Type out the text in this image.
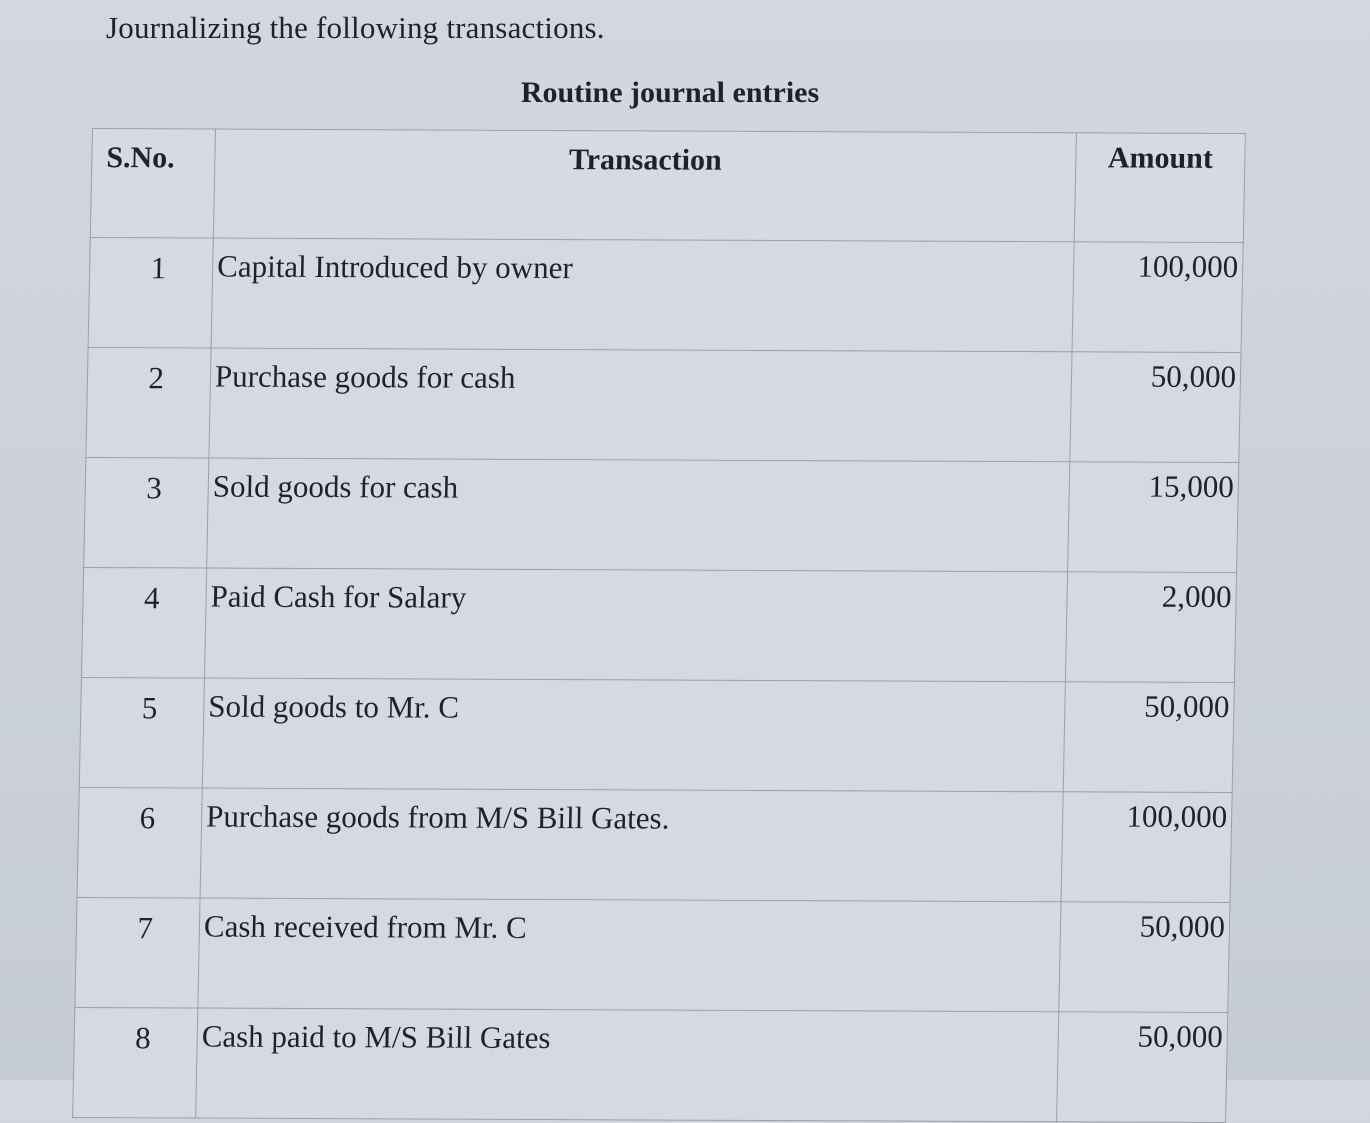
Journalizing the following transactions.
Routine journal entries
S.No.	Transaction	Amount
1	Capital Introduced by owner	100,000
2	Purchase goods for cash	50,000
3	Sold goods for cash	15,000
4	Paid Cash for Salary	2,000
5	Sold goods to Mr. C	50,000
6	Purchase goods from M/S Bill Gates.	100,000
7	Cash received from Mr. C	50,000
8	Cash paid to M/S Bill Gates	50,000
